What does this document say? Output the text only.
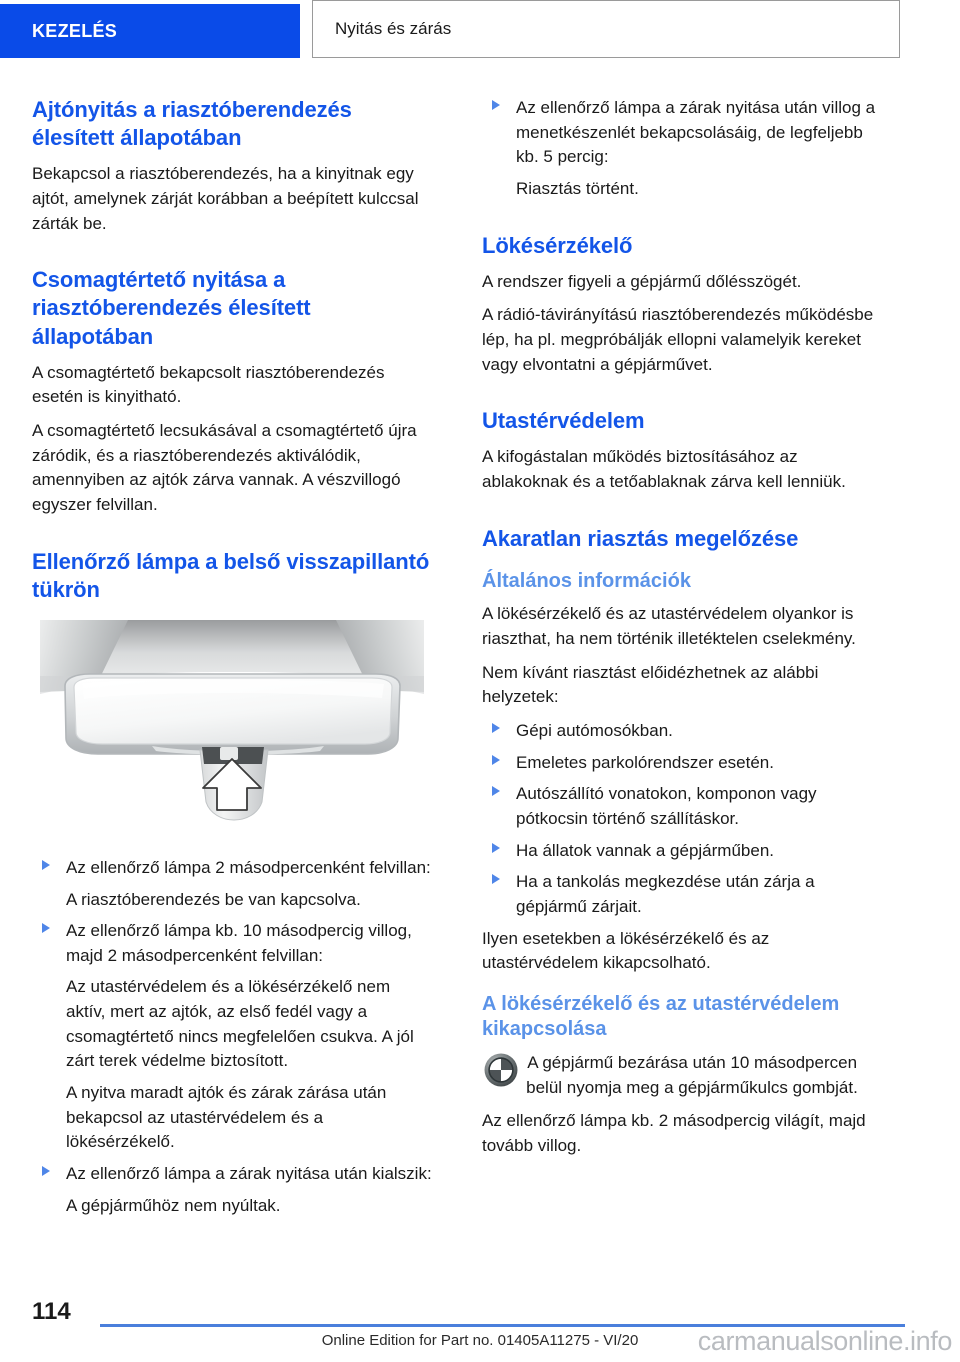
KEZELÉS	Nyitás és zárás
Ajtónyitás a riasztóberendezés élesített állapotában

Bekapcsol a riasztóberendezés, ha a kinyitnak egy ajtót, amelynek zárját korábban a beépített kulccsal zárták be.

Csomagtértető nyitása a riasztóberendezés élesített állapotában

A csomagtértető bekapcsolt riasztóberendezés esetén is kinyitható.

A csomagtértető lecsukásával a csomagtértető újra záródik, és a riasztóberendezés aktiválódik, amennyiben az ajtók zárva vannak. A vészvillogó egyszer felvillan.

Ellenőrző lámpa a belső visszapillantó tükrön
Az ellenőrző lámpa 2 másodpercenként felvillan:

A riasztóberendezés be van kapcsolva.

Az ellenőrző lámpa kb. 10 másodpercig villog, majd 2 másodpercenként felvillan:

Az utastérvédelem és a lökésérzékelő nem aktív, mert az ajtók, az első fedél vagy a csomagtértető nincs megfelelően csukva. A jól zárt terek védelme biztosított.

A nyitva maradt ajtók és zárak zárása után bekapcsol az utastérvédelem és a lökésérzékelő.

Az ellenőrző lámpa a zárak nyitása után kialszik:

A gépjárműhöz nem nyúltak.

Az ellenőrző lámpa a zárak nyitása után villog a menetkészenlét bekapcsolásáig, de legfeljebb kb. 5 percig:

Riasztás történt.

Lökésérzékelő

A rendszer figyeli a gépjármű dőlésszögét.

A rádió-távirányítású riasztóberendezés működésbe lép, ha pl. megpróbálják ellopni valamelyik kereket vagy elvontatni a gépjárművet.

Utastérvédelem

A kifogástalan működés biztosításához az ablakoknak és a tetőablaknak zárva kell lenniük.

Akaratlan riasztás megelőzése
Általános információk

A lökésérzékelő és az utastérvédelem olyankor is riaszthat, ha nem történik illetéktelen cselekmény.

Nem kívánt riasztást előidézhetnek az alábbi helyzetek:

Gépi autómosókban.
Emeletes parkolórendszer esetén.
Autószállító vonatokon, komponon vagy pótkocsin történő szállításkor.
Ha állatok vannak a gépjárműben.
Ha a tankolás megkezdése után zárja a gépjármű zárjait.

Ilyen esetekben a lökésérzékelő és az utastérvédelem kikapcsolható.

A lökésérzékelő és az utastérvédelem kikapcsolása
A gépjármű bezárása után 10 másodpercen belül nyomja meg a gépjárműkulcs gombját.

Az ellenőrző lámpa kb. 2 másodpercig világít, majd tovább villog.

114
Online Edition for Part no. 01405A11275 - VI/20	carmanualsonline.info
